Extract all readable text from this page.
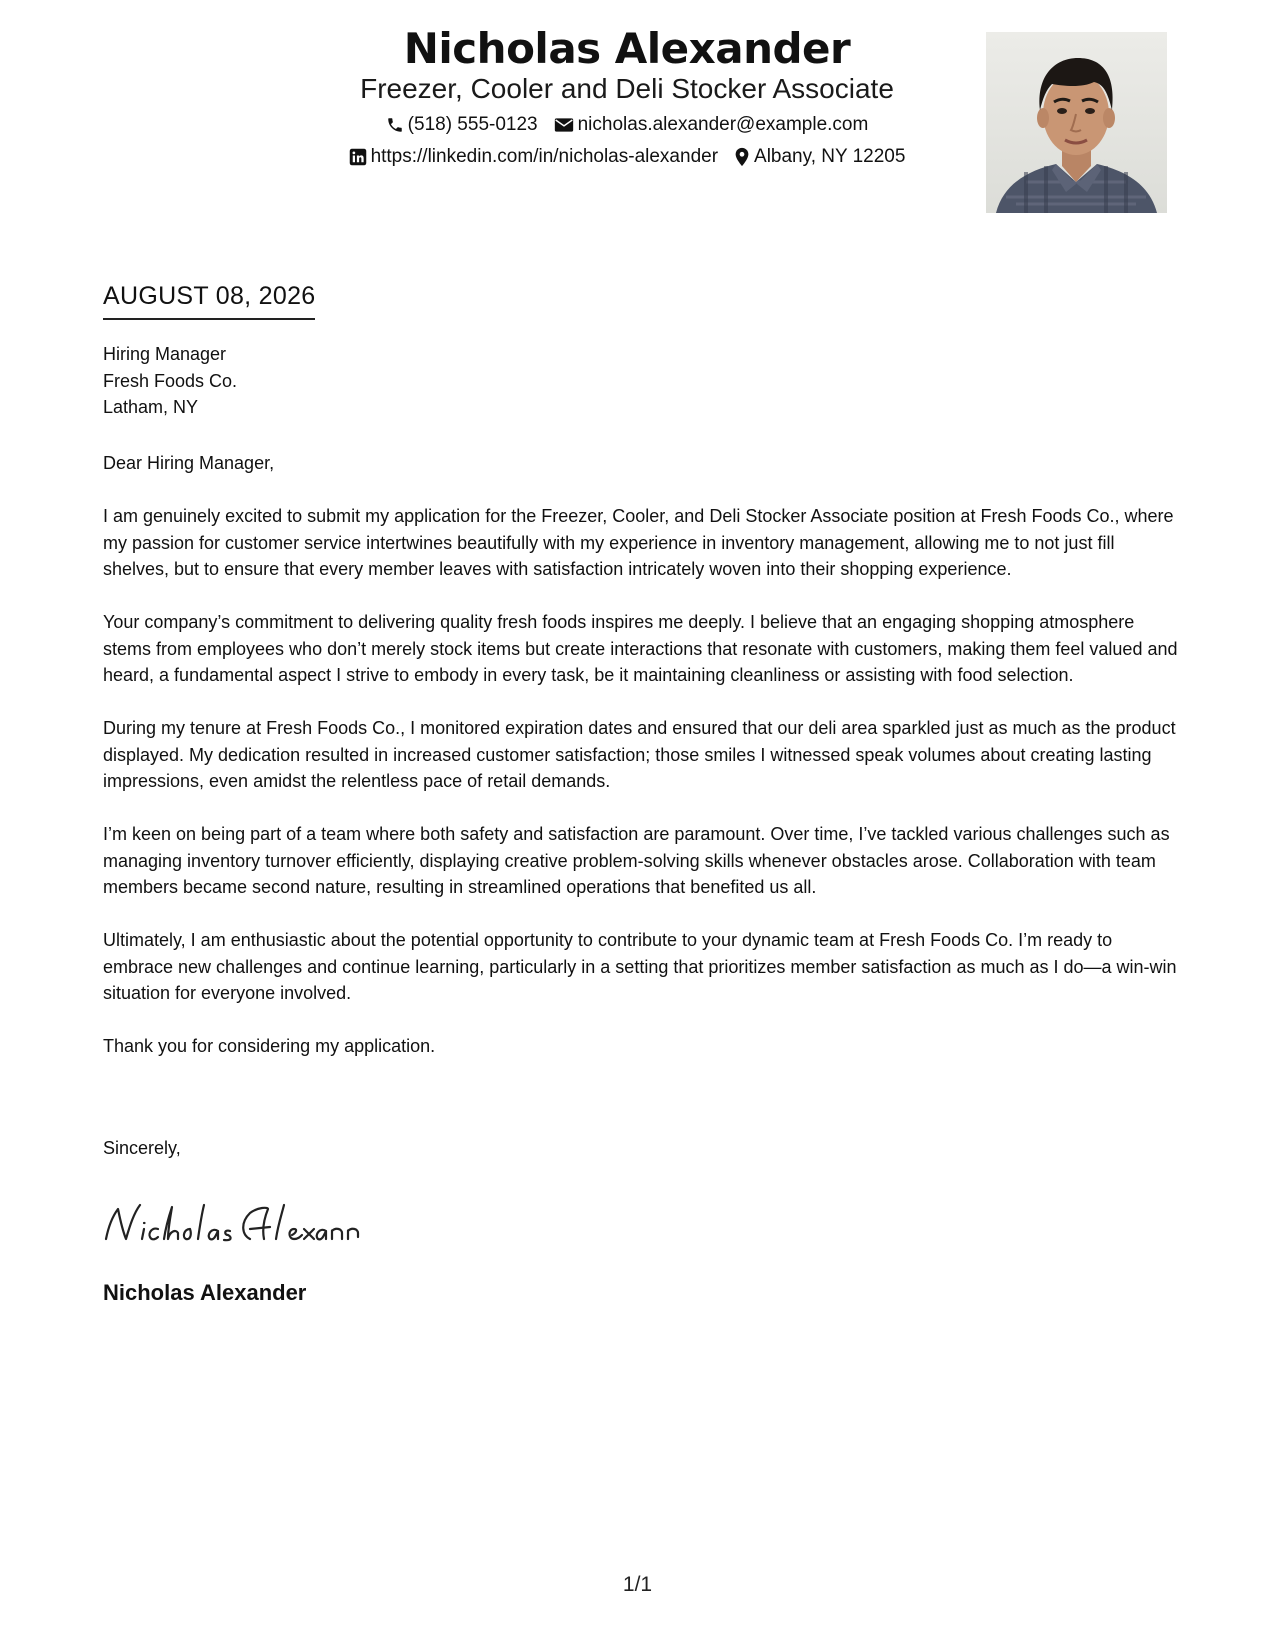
Nicholas Alexander
Freezer, Cooler and Deli Stocker Associate
(518) 555-0123 nicholas.alexander@example.com
https://linkedin.com/in/nicholas-alexander Albany, NY 12205
AUGUST 08, 2026
Hiring Manager
Fresh Foods Co.
Latham, NY

Dear Hiring Manager,

I am genuinely excited to submit my application for the Freezer, Cooler, and Deli Stocker Associate position at Fresh Foods Co., where my passion for customer service intertwines beautifully with my experience in inventory management, allowing me to not just fill shelves, but to ensure that every member leaves with satisfaction intricately woven into their shopping experience.

Your company’s commitment to delivering quality fresh foods inspires me deeply. I believe that an engaging shopping atmosphere stems from employees who don’t merely stock items but create interactions that resonate with customers, making them feel valued and heard, a fundamental aspect I strive to embody in every task, be it maintaining cleanliness or assisting with food selection.

During my tenure at Fresh Foods Co., I monitored expiration dates and ensured that our deli area sparkled just as much as the product displayed. My dedication resulted in increased customer satisfaction; those smiles I witnessed speak volumes about creating lasting impressions, even amidst the relentless pace of retail demands.

I’m keen on being part of a team where both safety and satisfaction are paramount. Over time, I’ve tackled various challenges such as managing inventory turnover efficiently, displaying creative problem-solving skills whenever obstacles arose. Collaboration with team members became second nature, resulting in streamlined operations that benefited us all.

Ultimately, I am enthusiastic about the potential opportunity to contribute to your dynamic team at Fresh Foods Co. I’m ready to embrace new challenges and continue learning, particularly in a setting that prioritizes member satisfaction as much as I do—a win-win situation for everyone involved.

Thank you for considering my application.

Sincerely,
Nicholas Alexander
1/1
